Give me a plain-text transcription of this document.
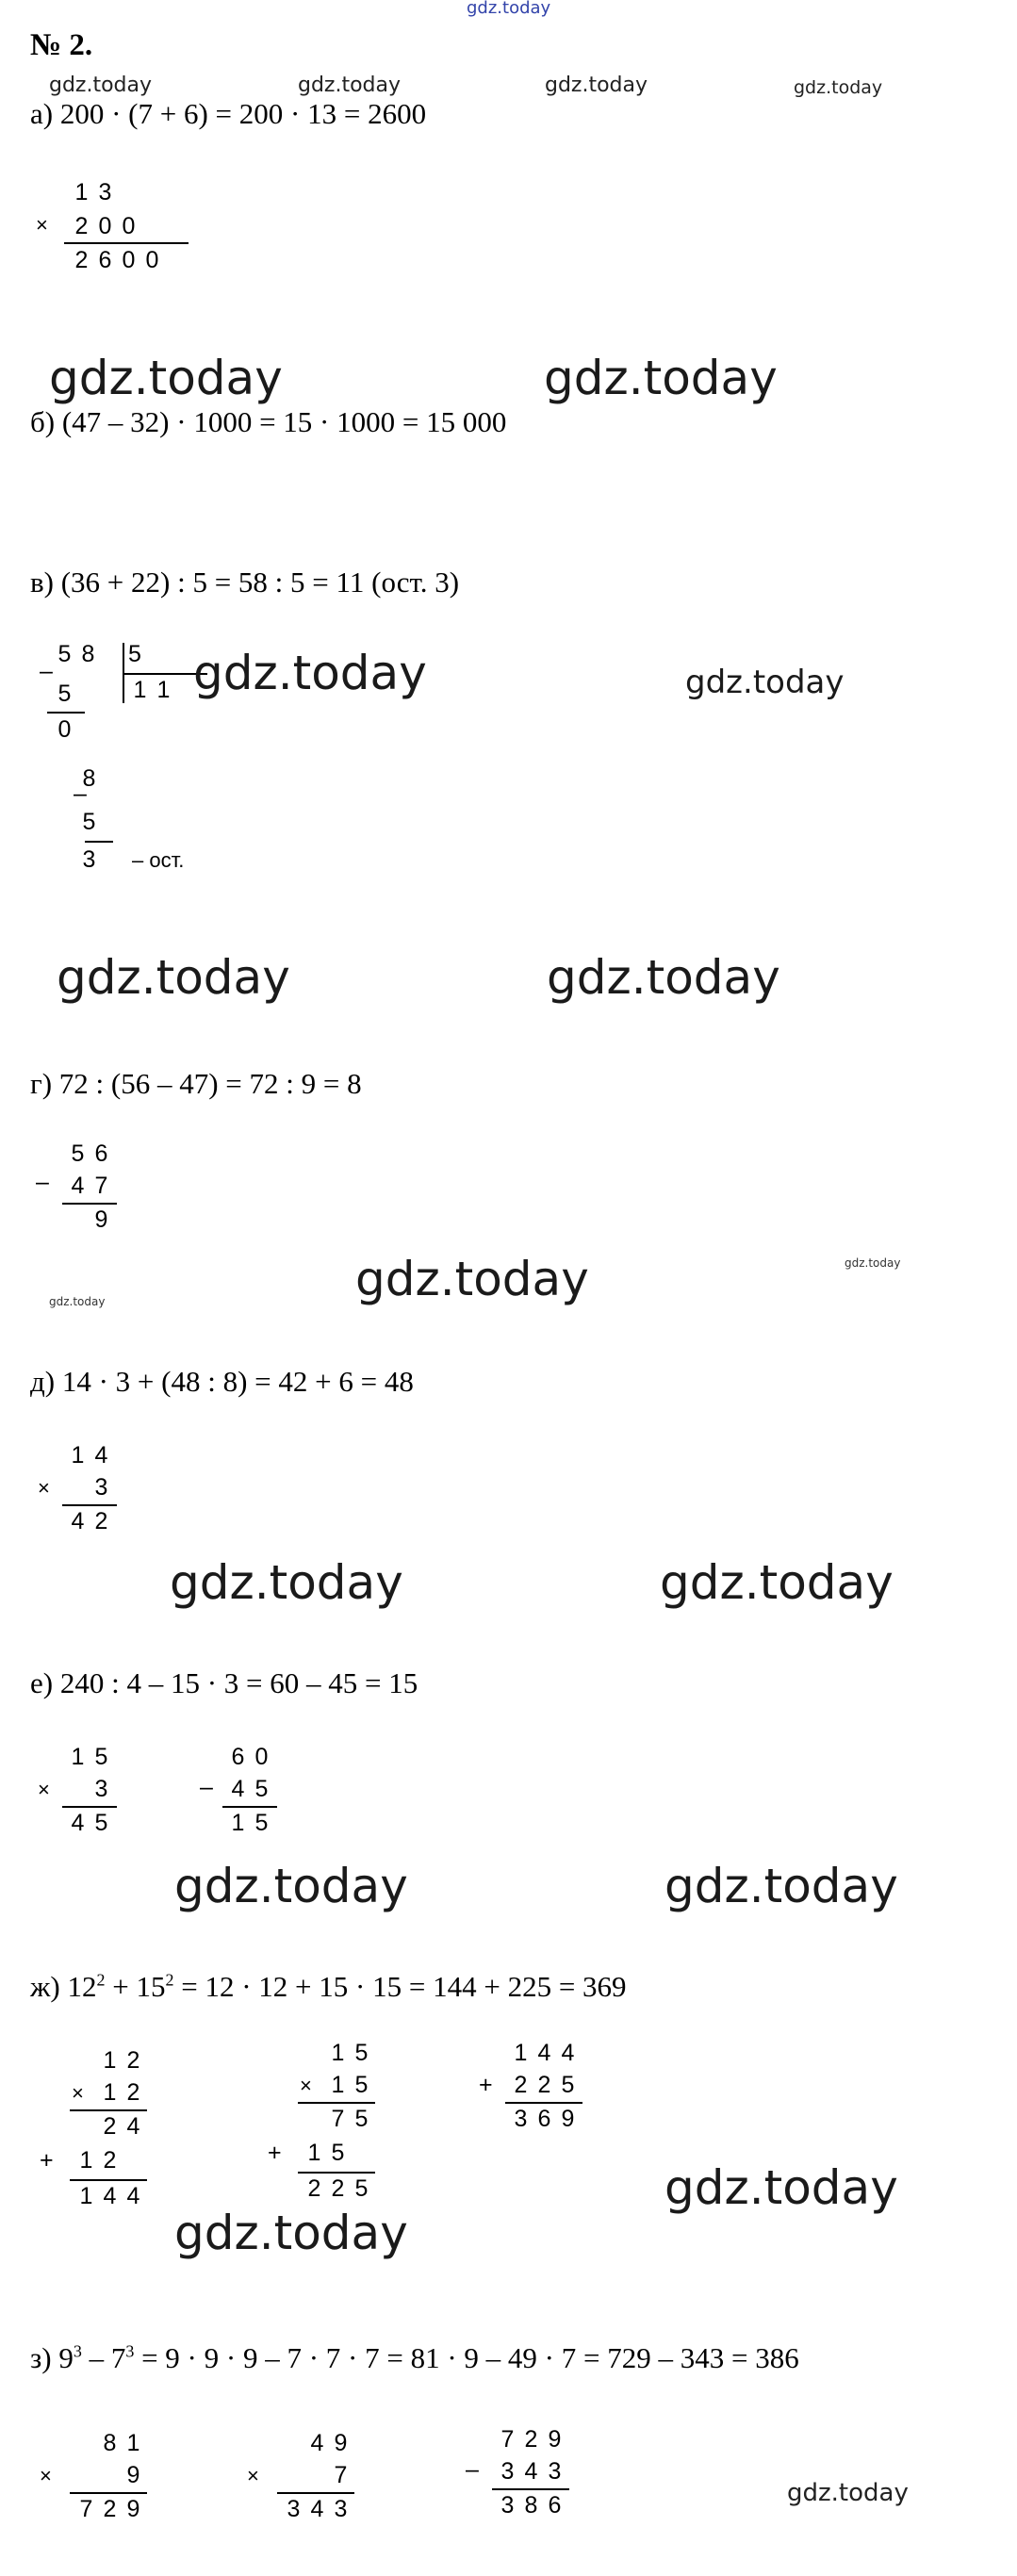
gdz.today
№ 2.
gdz.today	gdz.today	gdz.today	gdz.today
а) 200 · (7 + 6) = 200 · 13 = 2600
1 3
× 2 0 0
2 6 0 0
gdz.today	gdz.today
б) (47 – 32) · 1000 = 15 · 1000 = 15 000
в) (36 + 22) : 5 = 58 : 5 = 11 (ост. 3)
5 8
–
5
1 1
5
0
8
–
5
3 – ост.
gdz.today	gdz.today
gdz.today	gdz.today
г) 72 : (56 – 47) = 72 : 9 = 8
5 6
– 4 7
9
gdz.today
gdz.today	gdz.today
д) 14 · 3 + (48 : 8) = 42 + 6 = 48
1 4
× 3
4 2
gdz.today	gdz.today
е) 240 : 4 – 15 · 3 = 60 – 45 = 15
1 5
× 3
4 5
6 0
– 4 5
1 5
gdz.today	gdz.today
ж) $12^2 + 15^2 = 12 \cdot 12 + 15 \cdot 15 = 144 + 225 = 369$
1 2
× 1 2
2 4
+ 1 2
1 4 4
1 5
× 1 5
7 5
+ 1 5
2 2 5
1 4 4
+ 2 2 5
3 6 9
gdz.today
gdz.today
з) $9^3 - 7^3 = 9 \cdot 9 \cdot 9 - 7 \cdot 7 \cdot 7 = 81 \cdot 9 - 49 \cdot 7 = 729 - 343 = 386$
8 1
×	9
7 2 9
4 9
×	7
3 4 3
7 2 9
– 3 4 3
3 8 6	gdz.today
